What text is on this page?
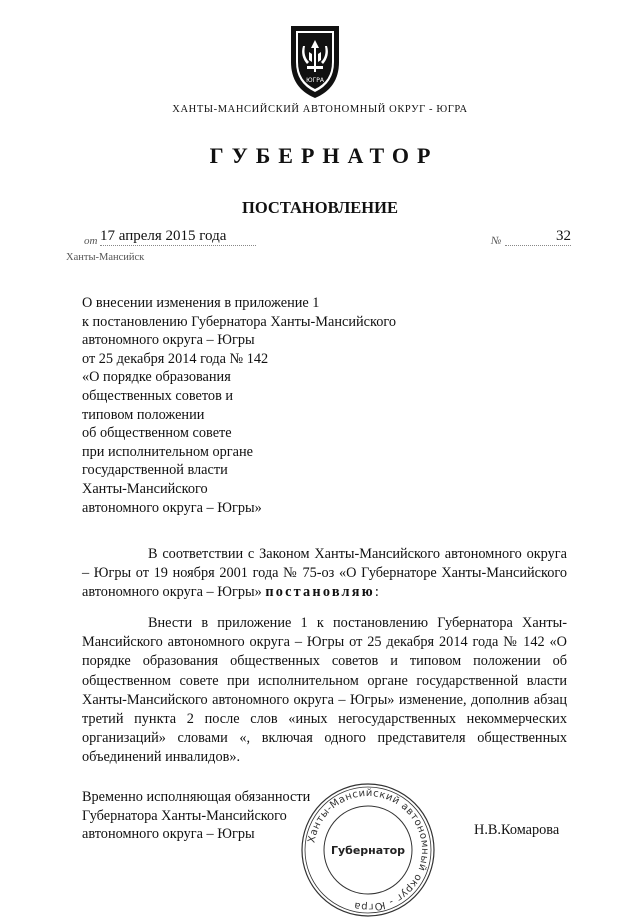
ЮГРА
ХАНТЫ-МАНСИЙСКИЙ АВТОНОМНЫЙ ОКРУГ - ЮГРА
ГУБЕРНАТОР
ПОСТАНОВЛЕНИЕ
от 17 апреля 2015 года	№	32
Ханты-Мансийск
О внесении изменения в приложение 1
к постановлению Губернатора Ханты-Мансийского
автономного округа – Югры
от 25 декабря 2014 года № 142
«О порядке образования
общественных советов и
типовом положении
об общественном совете
при исполнительном органе
государственной власти
Ханты-Мансийского
автономного округа – Югры»
В соответствии с Законом Ханты-Мансийского автономного округа – Югры от 19 ноября 2001 года № 75-оз «О Губернаторе Ханты-Мансийского автономного округа – Югры» постановляю:
Внести в приложение 1 к постановлению Губернатора Ханты-Мансийского автономного округа – Югры от 25 декабря 2014 года № 142 «О порядке образования общественных советов и типовом положении об общественном совете при исполнительном органе государственной власти Ханты-Мансийского автономного округа – Югры» изменение, дополнив абзац третий пункта 2 после слов «иных негосударственных некоммерческих организаций» словами «, включая одного представителя общественных объединений инвалидов».
Временно исполняющая обязанности
Губернатора Ханты-Мансийского
автономного округа – Югры	Ханты-Мансийский автономный округ - Югра
Губернатор
Н.В.Комарова
